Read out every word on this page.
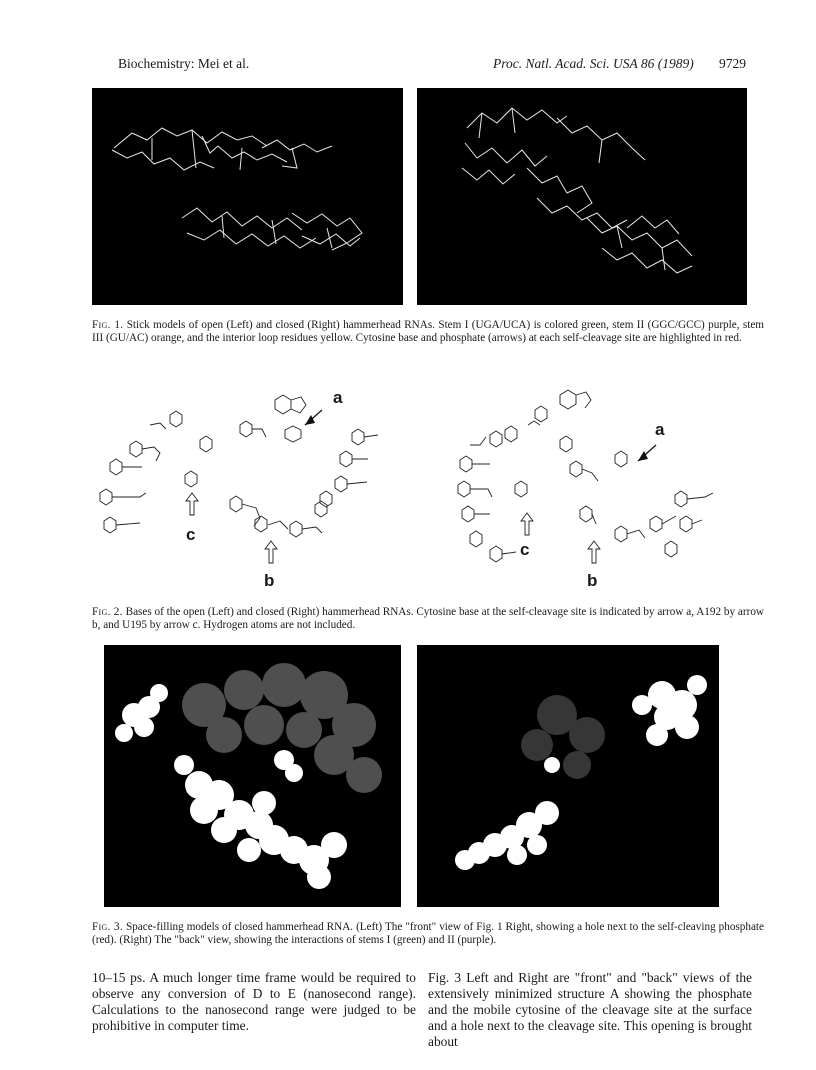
Biochemistry: Mei et al.	Proc. Natl. Acad. Sci. USA 86 (1989) 9729
Fig. 1. Stick models of open (Left) and closed (Right) hammerhead RNAs. Stem I (UGA/UCA) is colored green, stem II (GGC/GCC) purple, stem III (GU/AC) orange, and the interior loop residues yellow. Cytosine base and phosphate (arrows) at each self-cleavage site are highlighted in red.
a
c
b
a
c
b
Fig. 2. Bases of the open (Left) and closed (Right) hammerhead RNAs. Cytosine base at the self-cleavage site is indicated by arrow a, A192 by arrow b, and U195 by arrow c. Hydrogen atoms are not included.
Fig. 3. Space-filling models of closed hammerhead RNA. (Left) The "front" view of Fig. 1 Right, showing a hole next to the self-cleaving phosphate (red). (Right) The "back" view, showing the interactions of stems I (green) and II (purple).
10–15 ps. A much longer time frame would be required to observe any conversion of D to E (nanosecond range). Calculations to the nanosecond range were judged to be prohibitive in computer time.
Fig. 3 Left and Right are "front" and "back" views of the extensively minimized structure A showing the phosphate and the mobile cytosine of the cleavage site at the surface and a hole next to the cleavage site. This opening is brought about
